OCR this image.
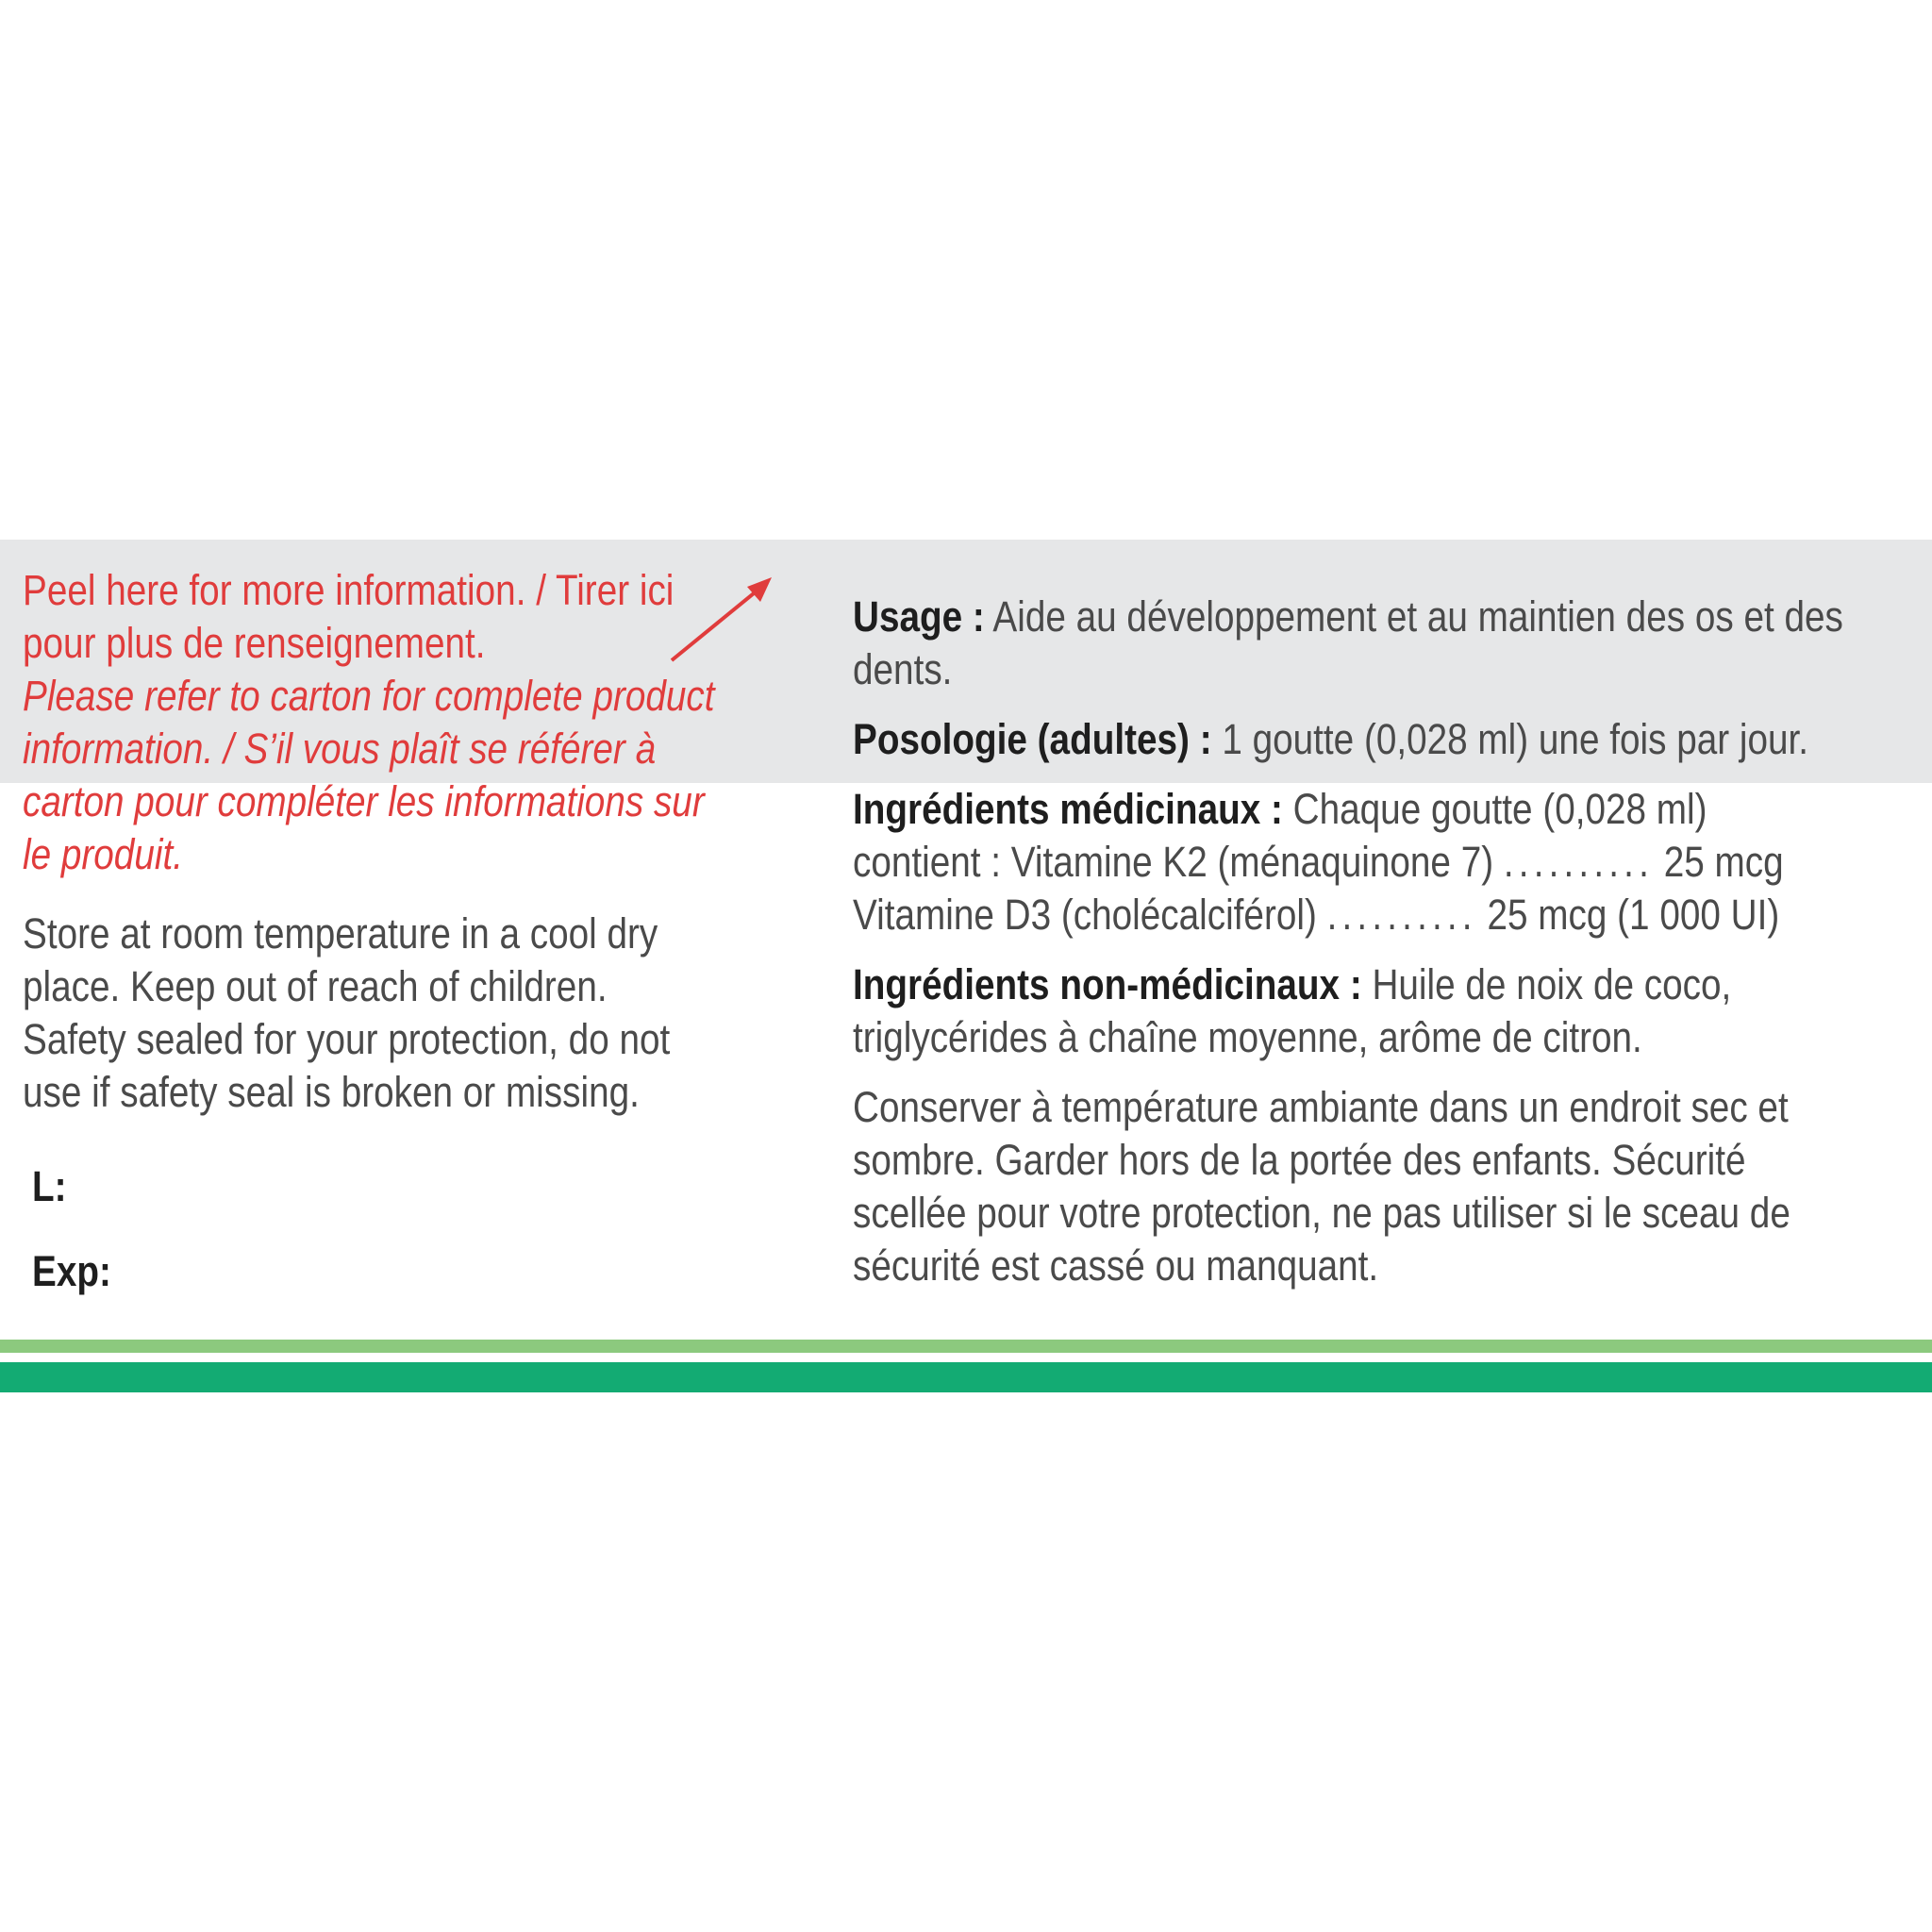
Peel here for more information. / Tirer ici
pour plus de renseignement.
Please refer to carton for complete product
information. / S’il vous plaît se référer à
carton pour compléter les informations sur
le produit.
Store at room temperature in a cool dry
place. Keep out of reach of children.
Safety sealed for your protection, do not
use if safety seal is broken or missing.
L:
Exp:
Usage : Aide au développement et au maintien des os et des
dents.
Posologie (adultes) : 1 goutte (0,028 ml) une fois par jour.
Ingrédients médicinaux : Chaque goutte (0,028 ml)
contient : Vitamine K2 (ménaquinone 7) .......... 25 mcg
Vitamine D3 (cholécalciférol) .......... 25 mcg (1 000 UI)
Ingrédients non-médicinaux : Huile de noix de coco,
triglycérides à chaîne moyenne, arôme de citron.
Conserver à température ambiante dans un endroit sec et
sombre. Garder hors de la portée des enfants. Sécurité
scellée pour votre protection, ne pas utiliser si le sceau de
sécurité est cassé ou manquant.
